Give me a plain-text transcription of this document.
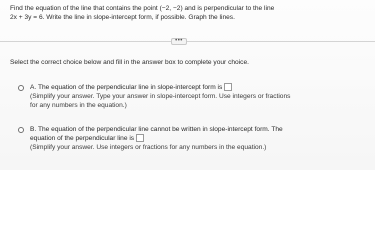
Find the equation of the line that contains the point (−2, −2) and is perpendicular to the line
2x + 3y = 6. Write the line in slope-intercept form, if possible. Graph the lines.
•••
Select the correct choice below and fill in the answer box to complete your choice.
A. The equation of the perpendicular line in slope-intercept form is
(Simplify your answer. Type your answer in slope-intercept form. Use integers or fractions
for any numbers in the equation.)
B. The equation of the perpendicular line cannot be written in slope-intercept form. The
equation of the perpendicular line is
(Simplify your answer. Use integers or fractions for any numbers in the equation.)
